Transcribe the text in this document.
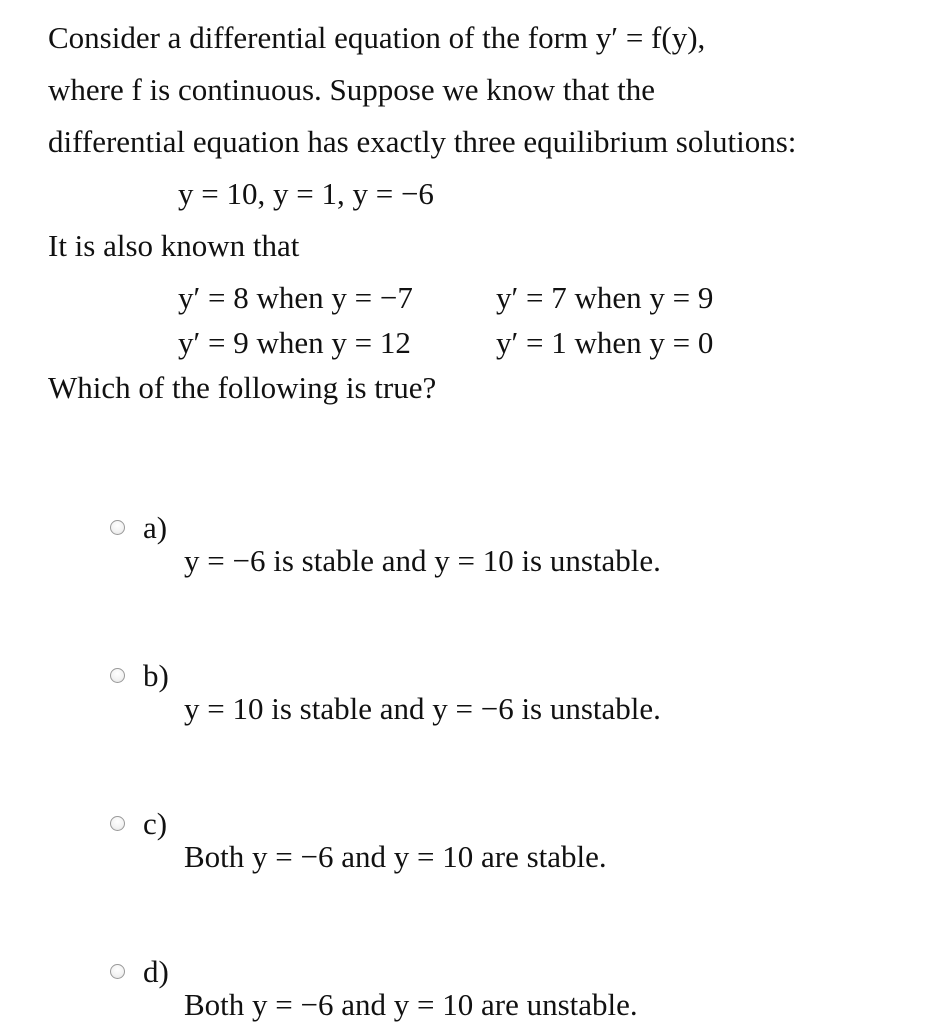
Consider a differential equation of the form y′ = f(y),
where f is continuous. Suppose we know that the
differential equation has exactly three equilibrium solutions:
y = 10, y = 1, y = −6
It is also known that
y′ = 8 when y = −7	y′ = 7 when y = 9
y′ = 9 when y = 12	y′ = 1 when y = 0
Which of the following is true?
a)
y = −6 is stable and y = 10 is unstable.
b)
y = 10 is stable and y = −6 is unstable.
c)
Both y = −6 and y = 10 are stable.
d)
Both y = −6 and y = 10 are unstable.
